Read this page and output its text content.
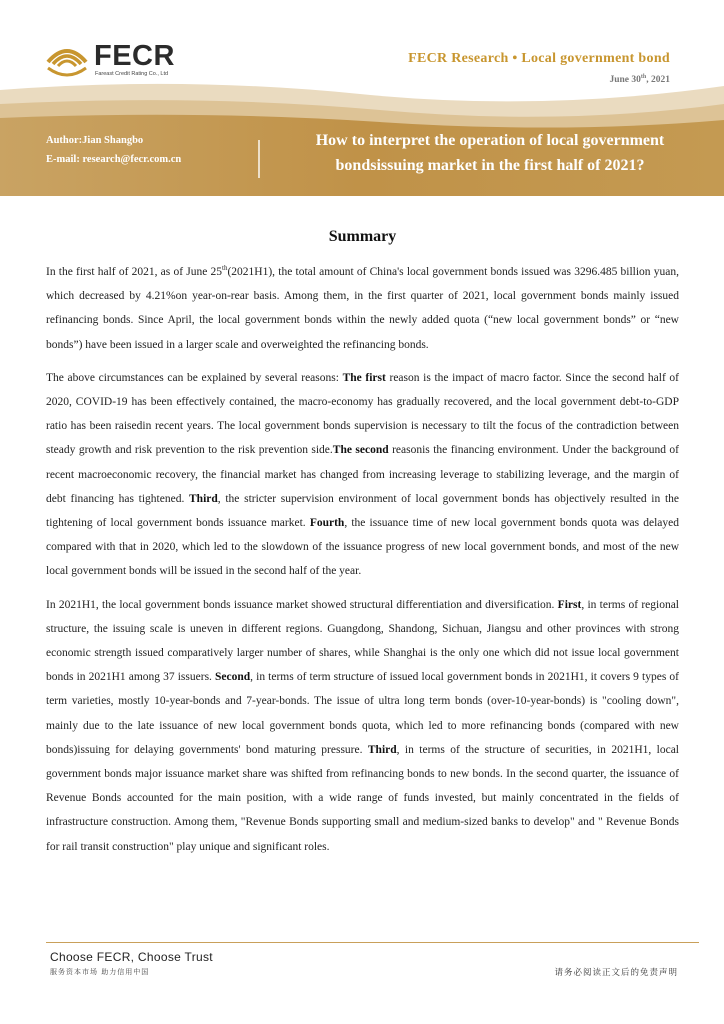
FECR
Fareast Credit Rating Co., Ltd
FECR Research • Local government bond
June 30th, 2021
Author:Jian Shangbo
E-mail: research@fecr.com.cn
How to interpret the operation of local government
bondsissuing market in the first half of 2021?
Summary

In the first half of 2021, as of June 25th(2021H1), the total amount of China's local government bonds issued was 3296.485 billion yuan, which decreased by 4.21%on year-on-rear basis. Among them, in the first quarter of 2021, local government bonds mainly issued refinancing bonds. Since April, the local government bonds within the newly added quota (“new local government bonds” or “new bonds”) have been issued in a larger scale and overweighted the refinancing bonds.

The above circumstances can be explained by several reasons: The first reason is the impact of macro factor. Since the second half of 2020, COVID-19 has been effectively contained, the macro-economy has gradually recovered, and the local government debt-to-GDP ratio has been raisedin recent years. The local government bonds supervision is necessary to tilt the focus of the contradiction between steady growth and risk prevention to the risk prevention side.The second reasonis the financing environment. Under the background of recent macroeconomic recovery, the financial market has changed from increasing leverage to stabilizing leverage, and the margin of debt financing has tightened. Third, the stricter supervision environment of local government bonds has objectively resulted in the tightening of local government bonds issuance market. Fourth, the issuance time of new local government bonds quota was delayed compared with that in 2020, which led to the slowdown of the issuance progress of new local government bonds, and most of the new local government bonds will be issued in the second half of the year.

In 2021H1, the local government bonds issuance market showed structural differentiation and diversification. First, in terms of regional structure, the issuing scale is uneven in different regions. Guangdong, Shandong, Sichuan, Jiangsu and other provinces with strong economic strength issued comparatively larger number of shares, while Shanghai is the only one which did not issue local government bonds in 2021H1 among 37 issuers. Second, in terms of term structure of issued local government bonds in 2021H1, it covers 9 types of term varieties, mostly 10-year-bonds and 7-year-bonds. The issue of ultra long term bonds (over-10-year-bonds) is "cooling down", mainly due to the late issuance of new local government bonds quota, which led to more refinancing bonds (compared with new bonds)issuing for delaying governments' bond maturing pressure. Third, in terms of the structure of securities, in 2021H1, local government bonds major issuance market share was shifted from refinancing bonds to new bonds. In the second quarter, the issuance of Revenue Bonds accounted for the main position, with a wide range of funds invested, but mainly concentrated in the fields of infrastructure construction. Among them, "Revenue Bonds supporting small and medium-sized banks to develop" and " Revenue Bonds for rail transit construction" play unique and significant roles.

Choose FECR, Choose Trust
服务资本市场 助力信用中国	请务必阅读正文后的免责声明
